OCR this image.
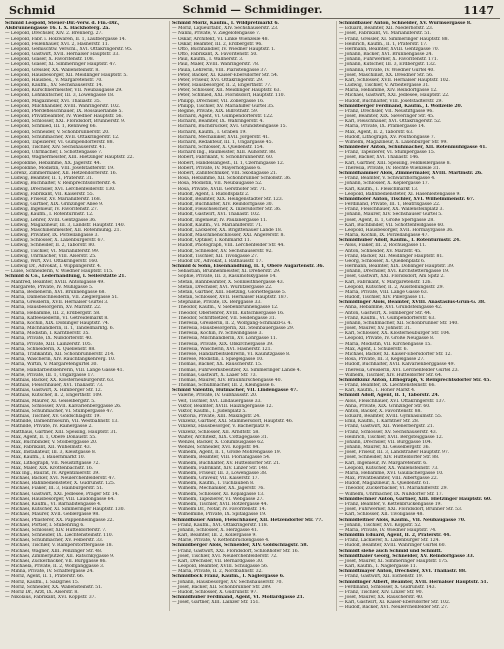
Schmid	Schmid — Schmidinger.	1147
Schmid Leopold, Steuer-Dir.-Verw. d. Fin.-Dir.,
Alsbrunnengasse 16. I. X. Hackhoferg. 2a.
— Leopold, Drechsler, XIV. 2. Brennerg. 27.
— Leopold, Fabr. i. Holzwaren, II. 1, Laufbergasse 14.
— Leopold, Feilenhauer, XVI. 2, Hasnerstr. 11.
— Leopold, Gemischtw. Verschl., XVI. Ottakringerstr. 95.
— Leopold, Gastwirt, XVII. Hernalser Hauptstr. 33.
— Leopold, Glaser, X. Favoritenstr. 108.
— Leopold, Glaser, XI. Simmeringer Hauptstr. 47.
— Leopold, Greisler, XX. Wallensteinstr. 8.
— Leopold, Hausbesorger, XII. Meidlinger Hauptstr. 5.
— Leopold, Hausbes., V. Margaretenstr. 70.
— Leopold, Kaufm., XV. Sechshauserstr. 14.
— Leopold, Kürschnermeister, VII. Neubaugasse 29.
— Leopold, Lohnkutscher, III. 3, Löwengasse 18.
— Leopold, Magazineur, XVI. Thaliastr. 35.
— Leopold, Milchhändler, XVIII. Währingerstr. 102.
— Leopold, Pferdefleischhauer, IX. Rossauerlände 5.
— Leopold, Privatbeamter, IV. Wiedner Hauptstr. 56.
— Leopold, Schlosser, XXI. Floridsdorf, Brünnerstr. 9.
— Leopold, Schmied, III. 1, Rennweg 66.
— Leopold, Schneider, V. Schönbrunnerstr. 20.
— Leopold, Schuhmacher, XVII. Ottakringerstr. 12.
— Leopold, Tapezierer, VI. Gumpendorferstr. 88.
— Leopold, Tischler, XIV. Sechshauserstr. 41.
— Leopold, Uhrmacher, I. Schottengasse 7.
— Leopold, Wagnermeister, XIII. Hietzinger Hauptstr. 22.
— Leopoldine, Hebamme, XX. Jägerstr. 44.
— Leopoldine, Modistin, VIII. Josefstädterstr. 19.
— Lorenz, Zimmermaler, XII. Hetzendorferstr. 16.
— Ludwig, Beamter, II. 1, Praterstr. 31.
— Ludwig, Buchhalter, V. Reinprechtsdorferstr. 4.
— Ludwig, Drechsler, XVI. Lerchenfelderstr. 130.
— Ludwig, Fabrikant, VII. Kaiserstr. 55.
— Ludwig, Friseur, XV. Mariahilferstr. 168.
— Ludwig, Gärtner, XIX. Grinzinger Allee 9.
— Ludwig, Ingenieur, IV. Favoritenstr. 27.
— Ludwig, Kaufm., I. Rotenturmstr. 12.
— Ludwig, Lehrer, XVIII. Gentzgasse 36.
— Ludwig, Magazineur, III. 3, Landstr. Hauptstr. 140.
— Ludwig, Maschinenmeister, XII. Rotenmühlg. 21.
— Ludwig, Privatier, IX. Porzellangasse 3.
— Ludwig, Schlosser, X. Laxenburgerstr. 67.
— Ludwig, Schneider, II. 2, Taborstr. 80.
— Ludwig, Tischler, VI. Mariahilferstr. 99.
— Ludwig, Uhrmacher, VIII. Alserstr. 25.
— Ludwig, Wirt, XVI. Ottakringerstr. 160.
— Ludwig Dr., Advokat, I. Wipplingerstr. 4.
— Luise, Schneiderin, V. Wiedner Hauptstr. 115.
Schmid & Co., Lederhandlung, I. Seilerstätte 21.
— Manfred, Beamter, XVIII. Antonigasse 49.
— Margarete, Private, IV. Mühlgasse 5.
— Maria, Bedienerin, XVI. Brunnengasse 68.
— Maria, Damenschneiderin, VII. Zieglergasse 51.
— Maria, Greislerin, XVII. Hernalser Gürtel 3.
— Maria, Hausbesorgerin, XV. Märzstr. 22.
— Maria, Hebamme, III. 2, Erdbergstr. 58.
— Maria, Kaffeesiederin, VI. Getreidemarkt 8.
— Maria, Köchin, XIX. Döblinger Hauptstr. 74.
— Maria, Milchhändlerin, II. 1, Tandelmarktg. 6.
— Maria, Modistin, I. Kärntnerstr. 35.
— Maria, Private, IX. Nußdorferstr. 40.
— Maria, Private, XIII. Lainzerstr. 105.
— Maria, Schneiderin, X. Quellenstr. 88.
— Maria, Trafikantin, XII. Schönbrunnerstr. 214.
— Maria, Wäscherin, XIV. Rauchfangkehrerg. 10.
— Maria, Wirtin, V. Margaretengürtel 30.
— Marie, Handarbeitslehrerin, VIII. Lange Gasse 41.
— Marie, Private, III. 1, Ungargasse 17.
— Mathias, Bäcker, XX. Klosterneuburgerstr. 63.
— Mathias, Fleischhauer, XVI. Thaliastr. 73.
— Mathias, Gastwirt, X. Himberger Str. 12.
— Mathias, Kutscher, II. 2, Engerthstr. 109.
— Mathias, Maurer, XI. Geiselbergstr. 5.
— Mathias, Schlosser, XVII. Kalvarienberggasse 26.
— Mathias, Schuhmacher, VI. Stumpergasse 47.
— Mathias, Tischler, XV. Goldschlagstr. 19.
— Mathilde, Damenfriseurin, VII. Westbahnstr. 13.
— Mathilde, Private, IV. Rainergasse 2.
— Matthäus, Gärtner, XIII. Speising, Hauptstr. 31.
— Max, Agent, II. 1, Obere Donaustr. 55.
— Max, Buchbinder, V. Stolberggasse 20.
— Max, Fabrikant, XII. Wilhelmstr. 43.
— Max, Installateur, III. 3, Kleistgasse 8.
— Max, Kaufm., I. Bauernmarkt 10.
— Max, Lithograph, VII. Neustiftgasse 72.
— Max, Maler, XIX. Krottenbachstr. 16.
— Max Ing., Baurat, IV. Argentinierstr. 39.
— Michael, Bäcker, XVI. Neulerchenfelderstr. 47.
— Michael, Bahnbediensteter, X. Gudrunstr. 125.
— Michael, Fiaker, III. 3, Hainburgerstr. 51.
— Michael, Gastwirt, XXI. Jedlesee, Prager Str. 14.
— Michael, Hausbesorger, VIII. Laudongasse 64.
— Michael, Kaufm., VI. Barnabitengasse 4.
— Michael, Kutscher, XI. Simmeringer Hauptstr. 130.
— Michael, Maurer, XVII. Geblergasse 98.
— Michael, Pflasterer, XX. Pappenheimgasse 22.
— Michael, Portier, I. Stubenring 6.
— Michael, Schlosser, XIV. Hütteldorferstr. 7.
— Michael, Schneider, IX. Liechtensteinstr. 110.
— Michael, Schuhmacher, XV. Felberstr. 33.
— Michael, Tischler, V. Ramperstorffergasse 18.
— Michael, Wagner, XIII. Penzinger Str. 48.
— Michael, Zimmerputzer, XII. Ratschkygasse 9.
— Michael, Zuckerbäcker, VII. Burggasse 86.
— Michaela, Private, II. 2, Wolfganggasse 3.
— Minna, Private, IV. Schäffergasse 24.
— Moriz, Agent, II. 1, Praterstr. 66.
— Moriz, Kaufm., I. Salzgries 15.
— Moriz, Schneider, XX. Wallensteinstr. 51.
— Moriz Dr., Arzt, IX. Alserstr. 8.
— Nikolaus, Fabrikant, XVI. Koppstr. 37.
Schmid Moriz, Kaufm., I. Wildpretmarkt 6.
— Moriz, Liqueurfabr., XIV. Sechshauserstr. 23.
— Nanni, Private, V. Ziegelofengasse 7.
— Oskar, Architekt, VI. Linke Wienzeile 48.
— Oskar, Beamter, III. 2, Erdbergstr. 96.
— Otto, Buchhändler, IV. Wiedner Hauptstr. 1.
— Otto, Fabrikant, X. Favoritenstr. 50.
— Paul, Kaufm., I. Wallnerstr. 3.
— Paul, Maler, XVIII. Währingerstr. 78.
— Paula, Lehrerin, VIII. Piaristengasse 37.
— Peter, Bäcker, XI. Kaiser-Ebersdorfer Str. 54.
— Peter, Friseur, XVI. Ottakringerstr. 29.
— Peter, Hausbesorger, II. 2, Engerthstr. 77.
— Peter, Schlosser, XII. Meidlinger Hauptstr. 63.
— Peter, Schmied, XXI. Floridsdorf, Hauptstr. 110.
— Philipp, Drechsler, VII. Zollergasse 16.
— Philipp, Tischler, XV. Mariahilfer Gürtel 35.
— Regine, Private, XIX. Billrothstr. 59.
— Richard, Agent, VI. Gumpendorferstr. 122.
— Richard, Beamter, IX. Währingerstr. 4.
— Richard, Buchdrucker, XVI. Grundsteingasse 15.
— Richard, Kaufm., I. Graben 19.
— Richard, Mechaniker, XVII. Jörgerstr. 41.
— Richard, Redakteur, III. 1, Ungargasse 45.
— Richard, Schlosser, X. Quellenstr. 154.
— Richard Ing., Baumeister, XIII. Auhofstr. 88.
— Robert, Fabrikant, V. Schönbrunnerstr. 60.
— Robert, Handelsangest., II. 1, Czerningasse 12.
— Robert, Private, IV. Mayerhofgasse 6.
— Robert, Zahntechniker, VIII. Skodagasse 21.
— Rosa, Hebamme, XII. Schönbrunner Schloßstr. 36.
— Rosa, Modistin, VII. Neubaugasse 52.
— Rosa, Private, XVIII. Gersthofer Str. 71.
— Rudolf, Agent, I. Rudolfsplatz 2.
— Rudolf, Beamter, XIX. Heiligenstädter Str. 123.
— Rudolf, Buchhalter, XIV. Reindorfgasse 30.
— Rudolf, Fleischselcher, X. Inzersdorfer Str. 36.
— Rudolf, Gastwirt, XVI. Thaliastr. 102.
— Rudolf, Ingenieur, IV. Paulanergasse 11.
— Rudolf, Kaufm., VI. Mariahilferstr. 71.
— Rudolf, Lackierer, XX. Brigittenauer Lände 18.
— Rudolf, Maschinenschlosser, XXI. Angererstr. 8.
— Rudolf, Optiker, I. Kohlmarkt 11.
— Rudolf, Photograph, VIII. Lerchenfelder Str. 44.
— Rudolf, Schneider, XV. Sechshauserstr. 92.
— Rudolf, Tischler, XII. Tivoligasse 27.
— Rudolf Dr., Advokat, I. Rathausstr. 17.
Schmid & Sohn, Eisenhandlung, II. 1, Obere Augartenstr. 36.
— Sebastian, Brunnenmeister, XI. Dreherstr. 29.
— Sophie, Private, III. 3, Rasumofskygasse 14.
— Stefan, Bahnbeamter, X. Sonnleithnergasse 43.
— Stefan, Drechsler, XVI. Wurlitzergasse 22.
— Stefan, Gärtner, XIII. Hietzing, Gloriettegasse 5.
— Stefan, Schlosser, XVII. Hernalser Hauptstr. 187.
— Stephanie, Private, IX. Berggasse 33.
— Theodor, Kaufm., V. Siebenbrunnengasse 12.
— Theodor, Oberlehrer, XVIII. Kutschkergasse 16.
— Theodor, Schriftsetzer, VII. Seidengasse 31.
— Theresia, Greislerin, II. 2, Wolfgang-Schmälzl-G. 4.
— Theresia, Hausbesorgerin, XII. Steinbauergasse 29.
— Theresia, Köchin, IV. Schwindgasse 3.
— Theresia, Milchhändlerin, XV. Löhrgasse 11.
— Theresia, Private, XIX. Obkirchergasse 39.
— Theresia, Wäscherin, XVI. Hasnerstr. 121.
— Therese, Handarbeitslehrerin, VI. Kaunitzgasse 8.
— Therese, Modistin, I. Spiegelgasse 10.
— Thomas, Bäcker, XX. Rauscherstr. 15.
— Thomas, Fuhrwerksbesitzer, XI. Simmeringer Lände 4.
— Thomas, Gastwirt, X. Laaer Str. 73.
— Thomas, Maurer, XIV. Braunhirschengasse 40.
— Thomas, Schuhmacher, III. 2, Kleingasse 6.
Schmid Valentin, Hutmacher, VII. Lindengasse 47.
— Valerie, Private, IV. Gußhausstr. 20.
— Veit, Tischler, XVI. Lindauergasse 33.
— Viktor, Beamter, XVIII. Haizingergasse 12.
— Viktor, Kaufm., I. Judenplatz 5.
— Viktoria, Private, XIII. Maxingstr. 24.
— Vinzenz, Gärtner, XXI. Stammersdorf, Hauptstr. 46.
— Vinzenz, Hausbesorger, V. Bacherplatz 9.
— Vinzenz, Schlosser, XII. Arndtstr. 58.
— Walter, Architekt, XIX. Cottagegasse 31.
— Wenzel, Bäcker, X. Columbusgasse 62.
— Wenzel, Schneider, XVI. Koppstr. 84.
— Wilhelm, Agent, II. 1, Große Mohrengasse 19.
— Wilhelm, Beamter, VIII. Florianigasse 54.
— Wilhelm, Buchhalter, XV. Hütteldorfer Str. 21.
— Wilhelm, Fabrikant, XIV. Linzer Str. 148.
— Wilhelm, Friseur, III. 3, Löwengasse 38.
— Wilhelm, Graveur, VII. Kaiserstr. 17.
— Wilhelm, Kaufm., I. Tuchlauben 8.
— Wilhelm, Mechaniker, XX. Jägerstr. 76.
— Wilhelm, Schlosser, XI. Kopalgasse 13.
— Wilhelm, Tapezierer, VI. Webgasse 27.
— Wilhelm, Tischler, XVII. Rötzergasse 44.
— Wilhelm Dr., Notar, IV. Favoritenstr. 14.
— Wilhelmine, Private, IX. Spitalgasse 19.
Schmidbauer Anton, Fleischhauer, XII. Hetzendorfer Str. 77.
— Franz, Kaufm., XVI. Ottakringerstr. 118.
— Johann, Schlosser, X. Herzgasse 41.
— Karl, Beamter, III. 2, Kollergasse 9.
— Marie, Private, V. Kettenbrückengasse 4.
Schmidberger Alois, Schneider, XIV. Goldschlagstr. 58.
— Franz, Gastwirt, XXI. Floridsdorf, Schloßhofer Str. 16.
— Josef, Tischler, XVI. Neulerchenfelderstr. 72.
— Karl, Drechsler, VII. Bernardgasse 30.
— Leopold, Beamter, XVIII. Schulgasse 56.
— Maria, Private, II. 2, Nordbahnstr. 32.
Schmidböck Franz, Kaufm., I. Naglergasse 6.
— Johann, Hausbesorger, XV. Sechshauserstr. 70.
— Josef, Bäcker, XII. Schönbrunner Str. 289.
— Rudolf, Schlosser, X. Gudrunstr. 97.
Schmidhuber Ferdinand, Agent, VI. Mollardgasse 21.
— Josef, Gärtner, XIII. Lainzer Str. 151.
Schmidbauer Anton, Schneider, XV. Wurmsergasse 8.
— Eduard, Beamter, XII. Niederhofstr. 23.
— Josef, Fabrikant, VI. Mariahilferstr. 51.
— Franz, Greisler, XI. Simmeringer Hauptstr. 88.
— Heinrich, Kaufm., II. 1, Praterstr. 17.
— Hermann, Beamter, XVIII. Gentzgasse 70.
— Johann, Bäcker, XVI. Brunnengasse 24.
— Johann, Fuhrwerker, X. Favoritenstr. 171.
— Johann, Kutscher, III. 3, Erdbergstr. 132.
— Johanna, Private, IV. Wiedner Gürtel 40.
— Josef, Maschinist, XX. Dresdner Str. 56.
— Karl, Schlosser, XVII. Hernalser Hauptstr. 102.
— Ludwig, Tischler, V. Arbeitergasse 31.
— Maria, Hebamme, XIV. Reindorfgasse 12.
— Michael, Gastwirt, XXI. Jedlesee, Hauptstr. 22.
— Rudolf, Buchhalter, VIII. Josefstädterstr. 29.
Schmidberger Ferdinand, Kaufm., I. Wollzeile 20.
— Franz, Drechsler, VII. Neustiftgasse 96.
— Josef, Beamter, XIX. Sieveringer Str. 45.
— Karl, Fleischhauer, XVI. Ottakringerstr. 52.
— Maria, Private, IX. Pramergasse 14.
— Max, Agent, II. 2, Taborstr. 63.
— Rudolf, Lithograph, XV. Pouthongasse 7.
— Wilhelm, Magazineur, X. Laxenburger Str. 99.
Schmideder Anton, Schuhmacher, XII. Rotenmühlgasse 41.
— Franz, Tapezierer, VI. Stumpergasse 15.
— Josef, Bäcker, XVI. Thaliastr. 146.
— Karl, Gärtner, XIII. Speising, Feldkellergasse 8.
— Theresia, Private, IV. Rechte Wienzeile 31.
Schmidhammer Alois, Zimmermaler, XVIII. Martinstr. 26.
— Franz, Beamter, V. Schwarzhorngasse 4.
— Johann, Schlosser, X. Keplergasse 17.
— Karl, Kaufm., I. Fleischmarkt 13.
— Leopold, Bahnbediensteter, XI. Hasenleitengasse 9.
Schmidhofer Anton, Tischler, XVI. Wilhelminenstr. 67.
— Ferdinand, Private, III. 1, Beatrixgasse 22.
— Franz, Fleischhauer, XX. Wallensteinplatz 3.
— Johann, Maurer, XIV. Sechshauser Gürtel 5.
— Josef, Agent, II. 1, Große Sperlgasse 28.
— Karl, Buchbinder, VII. Schottenfeldgasse 60.
— Leopold, Hausbesorger, XVII. Hormayrgasse 36.
— Maria, Köchin, IX. Porzellangasse 47.
Schmidhuber Adolf, Kaufm., I. Rotenturmstr. 24.
— Alois, Fiaker, III. 2, Rochusgasse 11.
— Anton, Schneider, XV. Märzstr. 45.
— Franz, Bäcker, XII. Meidlinger Hauptstr. 81.
— Georg, Schlosser, X. Quellenplatz 6.
— Hermann, Beamter, XIX. Döblinger Hauptstr. 39.
— Johann, Drechsler, XVI. Kirchstetterngasse 19.
— Josef, Gastwirt, XXI. Floridsdorf, Am Spitz 2.
— Karl, Fabrikant, V. Margaretenstr. 126.
— Leopold, Kutscher, II. 2, Ausstellungsstr. 29.
— Maria, Private, VIII. Lange Gasse 63.
— Rudolf, Tischler, XIV. Pillergasse 11.
Schmidinger Alois, Beamter, XVIII. Anastasius-Grün-G. 38.
— Anna, Hebamme, XVI. Grundsteingasse 42.
— Anton, Gastwirt, X. Himberger Str. 44.
— Franz, Kaufm., VI. Gumpendorferstr. 63.
— Johann, Schuhmacher, XII. Schönbrunner Str. 140.
— Josef, Maurer, XV. Johnstr. 31.
— Karl, Schlosser, XX. Klosterneuburger Str. 104.
— Leopold, Private, IV. Große Neugasse 8.
— Maria, Modistin, VII. Kirchengasse 15.
— Max, Agent, I. Schulerstr. 6.
— Michael, Bäcker, XI. Kaiser-Ebersdorfer Str. 12.
— Rosa, Private, III. 3, Kegelgasse 27.
— Rudolf, Buchhalter, XVII. Kalvarienberggasse 49.
— Theresia, Greislerin, XVI. Lerchenfelder Gürtel 23.
— Wilhelm, Tischler, XIV. Hütteldorfer Str. 64.
Schmidkunz Anton, Lithograph, V. Reinprechtsdorfer Str. 45.
— Franz, Beamter, IX. Liechtensteinstr. 66.
— Karl, Kaufm., I. Hoher Markt 4.
Schmidl Adolf, Agent, II. 1, Taborstr. 24.
— Alois, Fleischhauer, XVI. Ottakringerstr. 137.
— Anna, Private, XIX. Grinzinger Str. 60.
— Anton, Bäcker, X. Favoritenstr. 88.
— Eduard, Beamter, XVIII. Gymnasiumstr. 55.
— Emil, Kaufm., I. Kärntner Str. 28.
— Franz, Gastwirt, XII. Wienerbergstr. 21.
— Franz, Schlosser, XV. Sechshauserstr. 43.
— Heinrich, Tischler, XVII. Bergsteiggasse 12.
— Johann, Drechsler, VII. Burggasse 104.
— Johann, Maurer, XI. Geiselbergstr. 36.
— Josef, Friseur, III. 3, Landstraßer Hauptstr. 97.
— Josef, Schneider, XIV. Hütteldorfer Str. 88.
— Karl, Ingenieur, IV. Margaretenstr. 6.
— Leopold, Kutscher, XX. Wallensteinstr. 73.
— Maria, Hebamme, XVI. Gaullachergasse 10.
— Max, Privatbeamter, VIII. Albertgasse 22.
— Rudolf, Magazineur, X. Quellenstr. 61.
— Theodor, Zuckerbäcker, VI. Mariahilferstr. 29.
— Wilhelm, Uhrmacher, IX. Nußdorfer Str. 17.
Schmidlechner Anton, Gärtner, XIII. Hietzinger Hauptstr. 60.
— Franz, Beamter, V. Kettenbrückengasse 19.
— Josef, Fuhrwerker, XXI. Floridsdorf, Brünner Str. 53.
— Karl, Schlosser, XII. Tivoligasse 48.
Schmidleitner Alois, Kaufm., VII. Neubaugasse 70.
— Johann, Tischler, XVI. Koppstr. 52.
— Maria, Private, IV. Wiedner Hauptstr. 74.
Schmidlin Eduard, Agent, II. 2, Praterstr. 44.
— Franz, Lackierer, X. Laxenburger Str. 124.
— Rudolf, Beamter, XVIII. Währinger Gürtel 60.
Schmidt siehe auch Schmid und Schmitt.
Schmidthaler Georg, Schneider, XV. Reindorfgasse 33.
— Josef, Maurer, XI. Simmeringer Hauptstr. 175.
— Karl, Kaufm., I. Naglergasse 11.
Schmidtmayer Anton, Drechsler, XVI. Thaliastr. 88.
— Franz, Gastwirt, XII. Eichenstr. 19.
Schmidinger Albert, Beamter, XVII. Hernalser Hauptstr. 51.
— Ferdinand, Schlosser, X. Gudrunstr. 143.
— Franz, Tischler, XIV. Linzer Str. 90.
— Josef, Maurer, XX. Rauscherstr. 40.
— Karl, Gastwirt, XI. Kaiser-Ebersdorfer Str. 102.
— Rudolf, Bäcker, XVI. Neulerchenfelder Str. 27.
